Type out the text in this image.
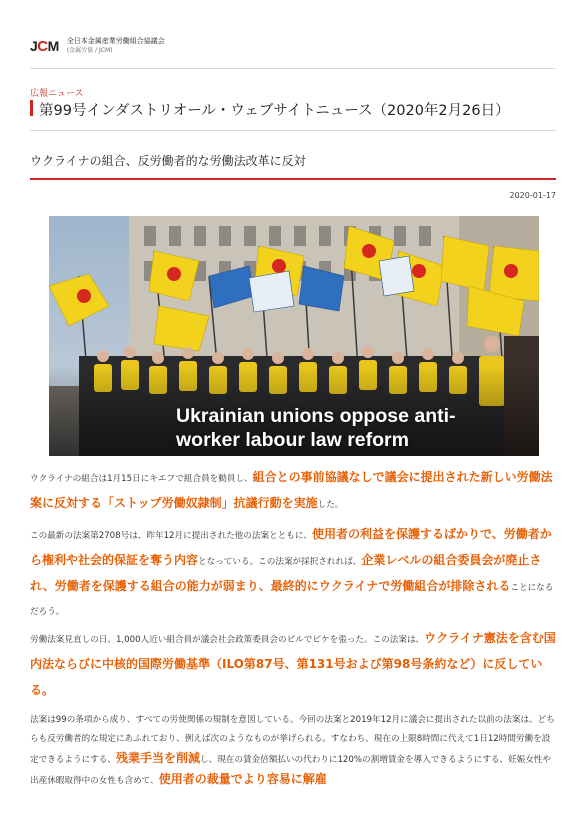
J C M 全日本金属産業労働組合協議会
(金属労協 / JCM)
広報ニュース
第99号インダストリオール・ウェブサイトニュース（2020年2月26日）
ウクライナの組合、反労働者的な労働法改革に反対
2020-01-17
Ukrainian unions oppose anti-
worker labour law reform
ウクライナの組合は1月15日にキエフで組合員を動員し、組合との事前協議なしで議会に提出された新しい労働法案に反対する「ストップ労働奴隷制」抗議行動を実施した。
この最新の法案第2708号は、昨年12月に提出された他の法案とともに、使用者の利益を保護するばかりで、労働者から権利や社会的保証を奪う内容となっている。この法案が採択されれば、企業レベルの組合委員会が廃止され、労働者を保護する組合の能力が弱まり、最終的にウクライナで労働組合が排除されることになるだろう。
労働法案見直しの日、1,000人近い組合員が議会社会政策委員会のビルでピケを張った。この法案は、ウクライナ憲法を含む国内法ならびに中核的国際労働基準（ILO第87号、第131号および第98号条約など）に反している。
法案は99の条項から成り、すべての労使関係の規制を意図している。今回の法案と2019年12月に議会に提出された以前の法案は、どちらも反労働者的な規定にあふれており、例えば次のようなものが挙げられる。すなわち、現在の上限8時間に代えて1日12時間労働を設定できるようにする、残業手当を削減し、現在の賃金倍額払いの代わりに120%の割増賃金を導入できるようにする、妊娠女性や出産休暇取得中の女性も含めて、使用者の裁量でより容易に解雇
